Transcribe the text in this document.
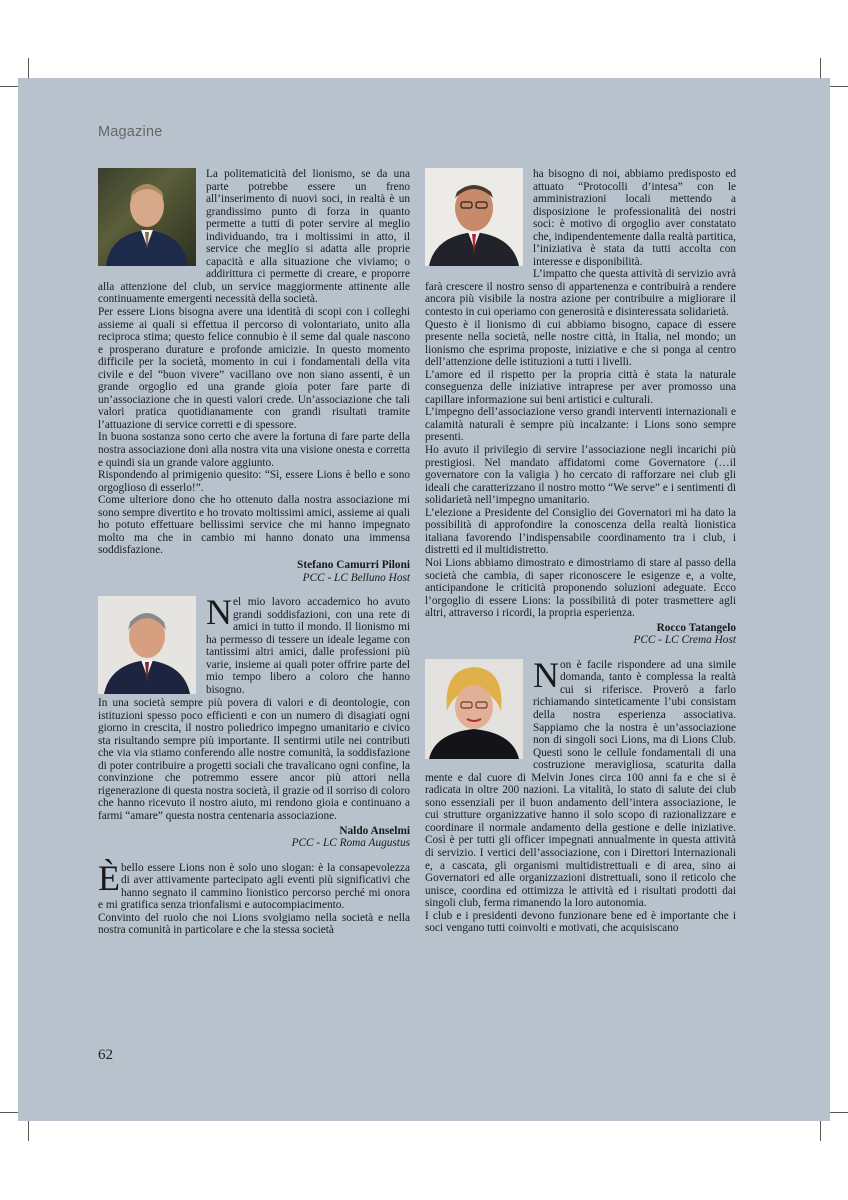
Magazine

La politematicità del lionismo, se da una parte potrebbe essere un freno all’inserimento di nuovi soci, in realtà è un grandissimo punto di forza in quanto permette a tutti di poter servire al meglio individuando, tra i moltissimi in atto, il service che meglio si adatta alle proprie capacità e alla situazione che viviamo; o addirittura ci permette di creare, e proporre alla attenzione del club, un service maggiormente attinente alle continuamente emergenti necessità della società.

Per essere Lions bisogna avere una identità di scopi con i colleghi assieme ai quali si effettua il percorso di volontariato, unito alla reciproca stima; questo felice connubio è il seme dal quale nascono e prosperano durature e profonde amicizie. In questo momento difficile per la società, momento in cui i fondamentali della vita civile e del “buon vivere” vacillano ove non siano assenti, è un grande orgoglio ed una grande gioia poter fare parte di un’associazione che in questi valori crede. Un’associazione che tali valori pratica quotidianamente con grandi risultati tramite l’attuazione di service corretti e di spessore.

In buona sostanza sono certo che avere la fortuna di fare parte della nostra associazione doni alla nostra vita una visione onesta e corretta e quindi sia un grande valore aggiunto.

Rispondendo al primigenio quesito: “Sì, essere Lions è bello e sono orgoglioso di esserlo!”.

Come ulteriore dono che ho ottenuto dalla nostra associazione mi sono sempre divertito e ho trovato moltissimi amici, assieme ai quali ho potuto effettuare bellissimi service che mi hanno impegnato molto ma che in cambio mi hanno donato una immensa soddisfazione.

Stefano Camurri Piloni
PCC - LC Belluno Host

Nel mio lavoro accademico ho avuto grandi soddisfazioni, con una rete di amici in tutto il mondo. Il lionismo mi ha permesso di tessere un ideale legame con tantissimi altri amici, dalle professioni più varie, insieme ai quali poter offrire parte del mio tempo libero a coloro che hanno bisogno.

In una società sempre più povera di valori e di deontologie, con istituzioni spesso poco efficienti e con un numero di disagiati ogni giorno in crescita, il nostro poliedrico impegno umanitario e civico sta risultando sempre più importante. Il sentirmi utile nei contributi che via via stiamo conferendo alle nostre comunità, la soddisfazione di poter contribuire a progetti sociali che travalicano ogni confine, la convinzione che potremmo essere ancor più attori nella rigenerazione di questa nostra società, il grazie od il sorriso di coloro che hanno ricevuto il nostro aiuto, mi rendono gioia e continuano a farmi “amare” questa nostra centenaria associazione.

Naldo Anselmi
PCC - LC Roma Augustus

È bello essere Lions non è solo uno slogan: è la consapevolezza di aver attivamente partecipato agli eventi più significativi che hanno segnato il cammino lionistico percorso perché mi onora e mi gratifica senza trionfalismi e autocompiacimento.

Convinto del ruolo che noi Lions svolgiamo nella società e nella nostra comunità in particolare e che la stessa società

ha bisogno di noi, abbiamo predisposto ed attuato “Protocolli d’intesa” con le amministrazioni locali mettendo a disposizione le professionalità dei nostri soci: è motivo di orgoglio aver constatato che, indipendentemente dalla realtà partitica, l’iniziativa è stata da tutti accolta con interesse e disponibilità.

L’impatto che questa attività di servizio avrà farà crescere il nostro senso di appartenenza e contribuirà a rendere ancora più visibile la nostra azione per contribuire a migliorare il contesto in cui operiamo con generosità e disinteressata solidarietà.

Questo è il lionismo di cui abbiamo bisogno, capace di essere presente nella società, nelle nostre città, in Italia, nel mondo; un lionismo che esprima proposte, iniziative e che si ponga al centro dell’attenzione delle istituzioni a tutti i livelli.

L’amore ed il rispetto per la propria città è stata la naturale conseguenza delle iniziative intraprese per aver promosso una capillare informazione sui beni artistici e culturali.

L’impegno dell’associazione verso grandi interventi internazionali e calamità naturali è sempre più incalzante: i Lions sono sempre presenti.

Ho avuto il privilegio di servire l’associazione negli incarichi più prestigiosi. Nel mandato affidatomi come Governatore (…il governatore con la valigia ) ho cercato di rafforzare nei club gli ideali che caratterizzano il nostro motto “We serve” e i sentimenti di solidarietà nell’impegno umanitario.

L’elezione a Presidente del Consiglio dei Governatori mi ha dato la possibilità di approfondire la conoscenza della realtà lionistica italiana favorendo l’indispensabile coordinamento tra i club, i distretti ed il multidistretto.

Noi Lions abbiamo dimostrato e dimostriamo di stare al passo della società che cambia, di saper riconoscere le esigenze e, a volte, anticipandone le criticità proponendo soluzioni adeguate. Ecco l’orgoglio di essere Lions: la possibilità di poter trasmettere agli altri, attraverso i ricordi, la propria esperienza.

Rocco Tatangelo
PCC - LC Crema Host

Non è facile rispondere ad una simile domanda, tanto è complessa la realtà cui si riferisce. Proverò a farlo richiamando sinteticamente l’ubi consistam della nostra esperienza associativa. Sappiamo che la nostra è un’associazione non di singoli soci Lions, ma di Lions Club. Questi sono le cellule fondamentali di una costruzione meravigliosa, scaturita dalla mente e dal cuore di Melvin Jones circa 100 anni fa e che si è radicata in oltre 200 nazioni. La vitalità, lo stato di salute dei club sono essenziali per il buon andamento dell’intera associazione, le cui strutture organizzative hanno il solo scopo di razionalizzare e coordinare il normale andamento della gestione e delle iniziative. Così è per tutti gli officer impegnati annualmente in questa attività di servizio. I vertici dell’associazione, con i Direttori Internazionali e, a cascata, gli organismi multidistrettuali e di area, sino ai Governatori ed alle organizzazioni distrettuali, sono il reticolo che unisce, coordina ed ottimizza le attività ed i risultati prodotti dai singoli club, ferma rimanendo la loro autonomia.

I club e i presidenti devono funzionare bene ed è importante che i soci vengano tutti coinvolti e motivati, che acquisiscano

62
